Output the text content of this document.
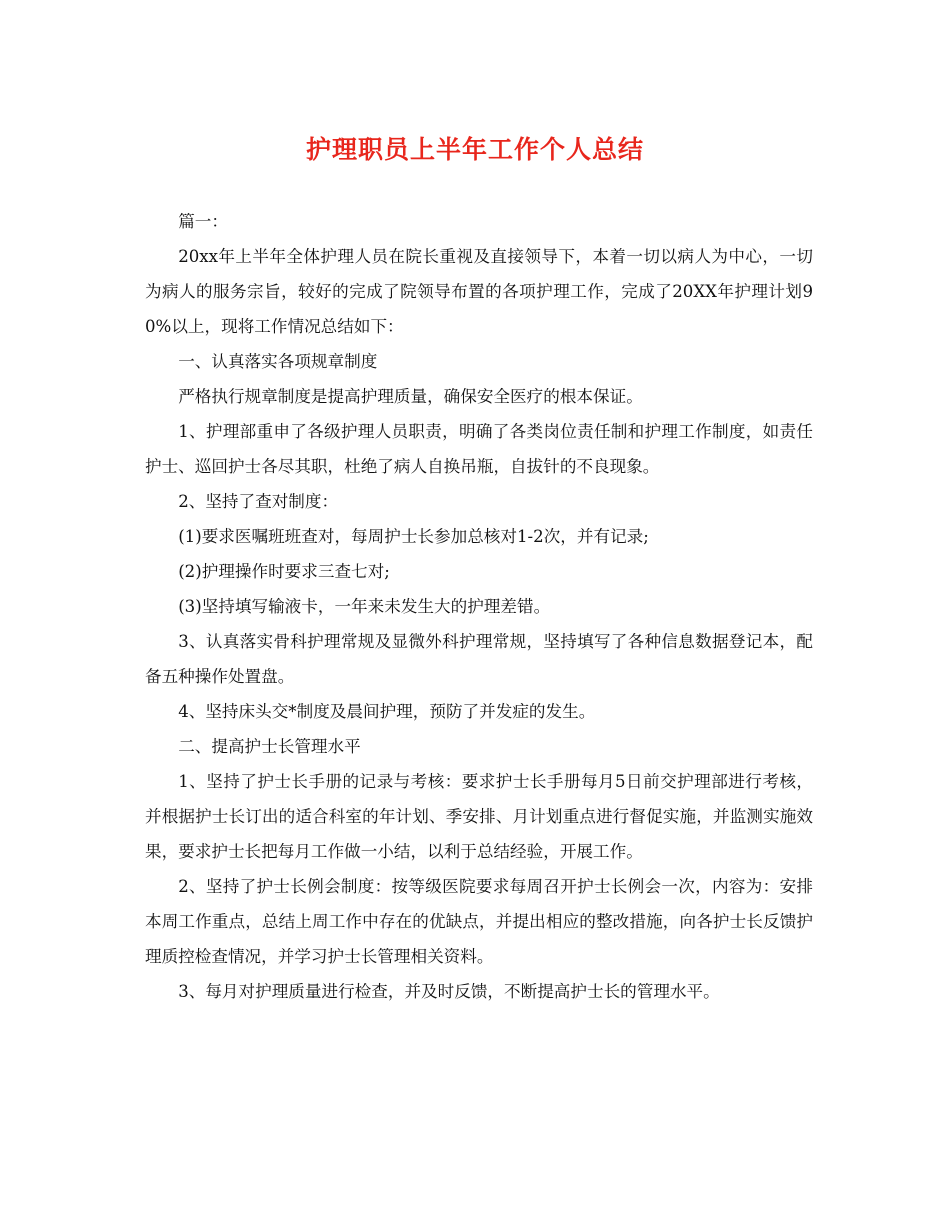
护理职员上半年工作个人总结

篇一：

20xx年上半年全体护理人员在院长重视及直接领导下，本着一切以病人为中心，一切为病人的服务宗旨，较好的完成了院领导布置的各项护理工作，完成了20XX年护理计划90%以上，现将工作情况总结如下：

一、认真落实各项规章制度

严格执行规章制度是提高护理质量，确保安全医疗的根本保证。

1、护理部重申了各级护理人员职责，明确了各类岗位责任制和护理工作制度，如责任护士、巡回护士各尽其职，杜绝了病人自换吊瓶，自拔针的不良现象。

2、坚持了查对制度：

(1)要求医嘱班班查对，每周护士长参加总核对1-2次，并有记录;

(2)护理操作时要求三查七对;

(3)坚持填写输液卡，一年来未发生大的护理差错。

3、认真落实骨科护理常规及显微外科护理常规，坚持填写了各种信息数据登记本，配备五种操作处置盘。

4、坚持床头交*制度及晨间护理，预防了并发症的发生。

二、提高护士长管理水平

1、坚持了护士长手册的记录与考核：要求护士长手册每月5日前交护理部进行考核，并根据护士长订出的适合科室的年计划、季安排、月计划重点进行督促实施，并监测实施效果，要求护士长把每月工作做一小结，以利于总结经验，开展工作。

2、坚持了护士长例会制度：按等级医院要求每周召开护士长例会一次，内容为：安排本周工作重点，总结上周工作中存在的优缺点，并提出相应的整改措施，向各护士长反馈护理质控检查情况，并学习护士长管理相关资料。

3、每月对护理质量进行检查，并及时反馈，不断提高护士长的管理水平。
